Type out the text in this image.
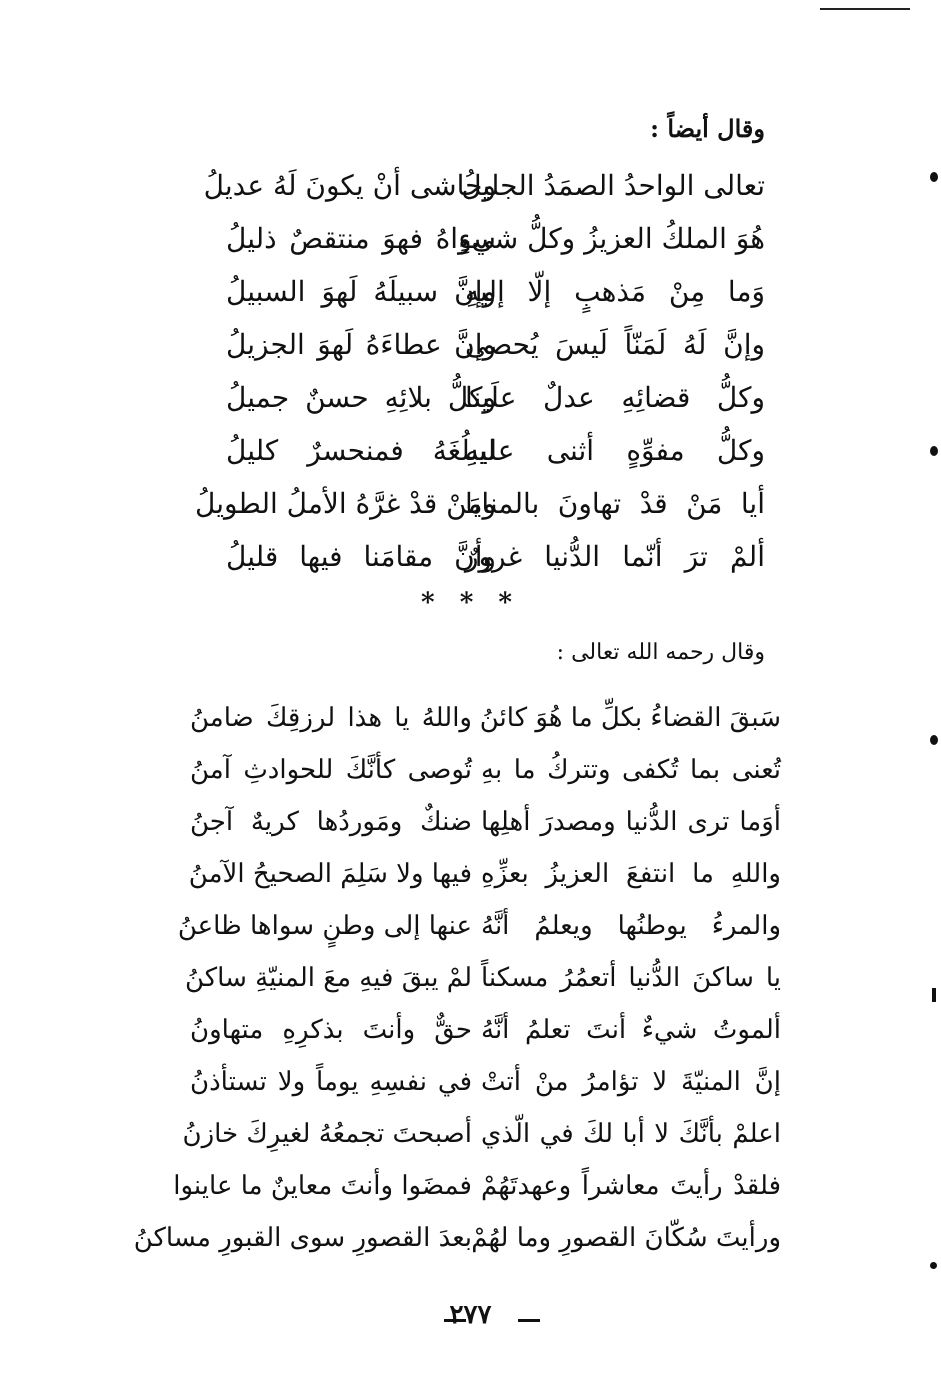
وقال أيضاً :
تعالى الواحدُ الصمَدُ الجليلُ
وحاشى أنْ يكونَ لَهُ عديلُ
هُوَ الملكُ العزيزُ وكلُّ شيءٍ
سواهُ فهوَ منتقصٌ ذليلُ
وَما مِنْ مَذهبٍ إلّا إليهِ
وإنَّ سبيلَهُ لَهوَ السبيلُ
وإنَّ لَهُ لَمَنّاً لَيسَ يُحصى
وإنَّ عطاءَهُ لَهوَ الجزيلُ
وكلُّ قضائِهِ عدلٌ علَينا
وكلُّ بلائِهِ حسنٌ جميلُ
وكلُّ مفوِّهٍ أثنى عليهِ
ليبلُغَهُ فمنحسرٌ كليلُ
أيا مَنْ قدْ تهاونَ بالمنايا
ومَنْ قدْ غرَّهُ الأملُ الطويلُ
ألمْ ترَ أنّما الدُّنيا غرورٌ
وأنَّ مقامَنا فيها قليلُ
* * *
وقال رحمه الله تعالى :
سَبقَ القضاءُ بكلِّ ما هُوَ كائنُ
واللهُ يا هذا لرزقِكَ ضامنُ
تُعنى بما تُكفى وتتركُ ما بهِ
تُوصى كأنَّكَ للحوادثِ آمنُ
أوَما ترى الدُّنيا ومصدرَ أهلِها
ضنكٌ ومَوردُها كريهٌ آجنُ
واللهِ ما انتفعَ العزيزُ بعزِّهِ
فيها ولا سَلِمَ الصحيحُ الآمنُ
والمرءُ يوطنُها ويعلمُ أنَّهُ
عنها إلى وطنٍ سواها ظاعنُ
يا ساكنَ الدُّنيا أتعمُرُ مسكناً
لمْ يبقَ فيهِ معَ المنيّةِ ساكنُ
ألموتُ شيءٌ أنتَ تعلمُ أنَّهُ
حقٌّ وأنتَ بذكرِهِ متهاونُ
إنَّ المنيّةَ لا تؤامرُ منْ أتتْ
في نفسِهِ يوماً ولا تستأذنُ
اعلمْ بأنَّكَ لا أبا لكَ في الّذي
أصبحتَ تجمعُهُ لغيرِكَ خازنُ
فلقدْ رأيتَ معاشراً وعهدتَهُمْ
فمضَوا وأنتَ معاينٌ ما عاينوا
ورأيتَ سُكّانَ القصورِ وما لهُمْ
بعدَ القصورِ سوى القبورِ مساكنُ
٢٧٧
